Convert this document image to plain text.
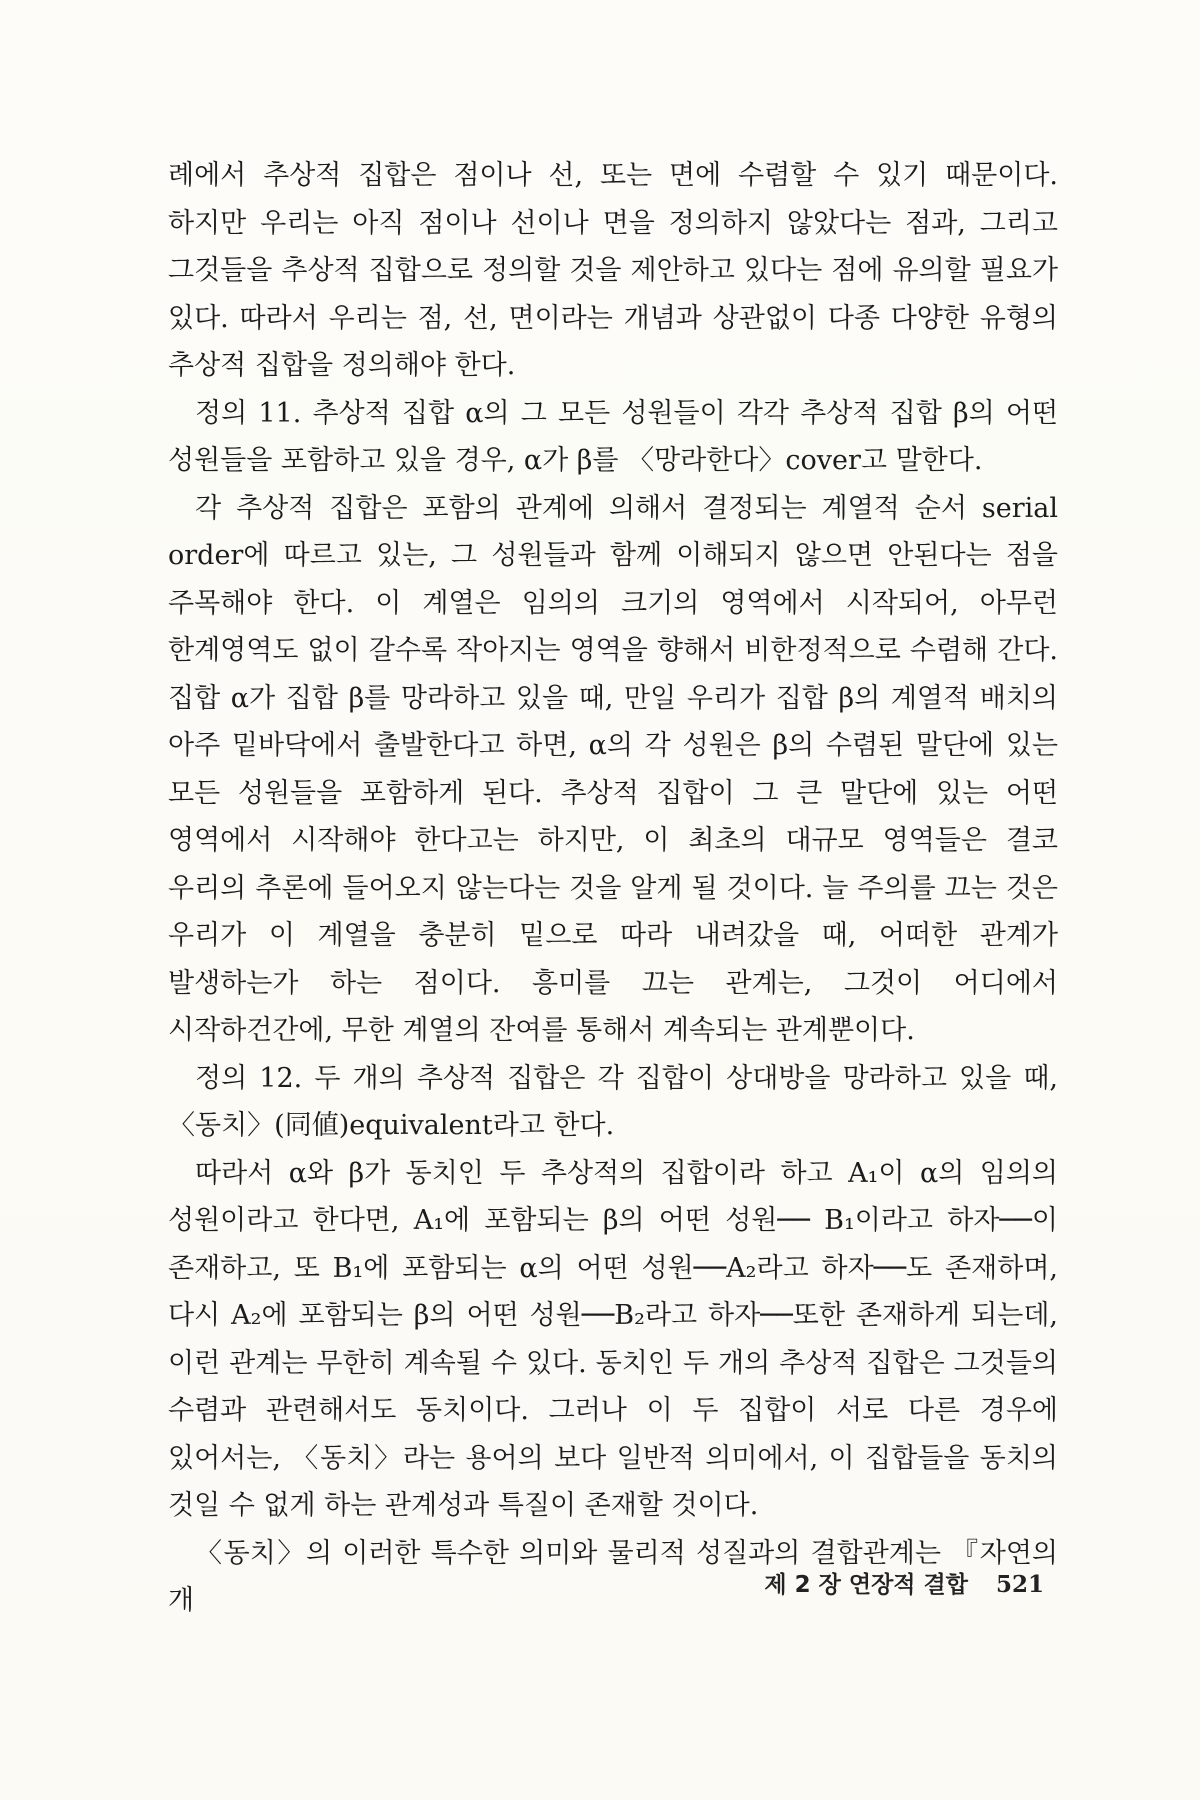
례에서 추상적 집합은 점이나 선, 또는 면에 수렴할 수 있기 때문이다. 하지만 우리는 아직 점이나 선이나 면을 정의하지 않았다는 점과, 그리고 그것들을 추상적 집합으로 정의할 것을 제안하고 있다는 점에 유의할 필요가 있다. 따라서 우리는 점, 선, 면이라는 개념과 상관없이 다종 다양한 유형의 추상적 집합을 정의해야 한다.

정의 11. 추상적 집합 α의 그 모든 성원들이 각각 추상적 집합 β의 어떤 성원들을 포함하고 있을 경우, α가 β를 〈망라한다〉cover고 말한다.

각 추상적 집합은 포함의 관계에 의해서 결정되는 계열적 순서 serial order에 따르고 있는, 그 성원들과 함께 이해되지 않으면 안된다는 점을 주목해야 한다. 이 계열은 임의의 크기의 영역에서 시작되어, 아무런 한계영역도 없이 갈수록 작아지는 영역을 향해서 비한정적으로 수렴해 간다. 집합 α가 집합 β를 망라하고 있을 때, 만일 우리가 집합 β의 계열적 배치의 아주 밑바닥에서 출발한다고 하면, α의 각 성원은 β의 수렴된 말단에 있는 모든 성원들을 포함하게 된다. 추상적 집합이 그 큰 말단에 있는 어떤 영역에서 시작해야 한다고는 하지만, 이 최초의 대규모 영역들은 결코 우리의 추론에 들어오지 않는다는 것을 알게 될 것이다. 늘 주의를 끄는 것은 우리가 이 계열을 충분히 밑으로 따라 내려갔을 때, 어떠한 관계가 발생하는가 하는 점이다. 흥미를 끄는 관계는, 그것이 어디에서 시작하건간에, 무한 계열의 잔여를 통해서 계속되는 관계뿐이다.

정의 12. 두 개의 추상적 집합은 각 집합이 상대방을 망라하고 있을 때, 〈동치〉(同値)equivalent라고 한다.

따라서 α와 β가 동치인 두 추상적의 집합이라 하고 A₁이 α의 임의의 성원이라고 한다면, A₁에 포함되는 β의 어떤 성원── B₁이라고 하자──이 존재하고, 또 B₁에 포함되는 α의 어떤 성원──A₂라고 하자──도 존재하며, 다시 A₂에 포함되는 β의 어떤 성원──B₂라고 하자──또한 존재하게 되는데, 이런 관계는 무한히 계속될 수 있다. 동치인 두 개의 추상적 집합은 그것들의 수렴과 관련해서도 동치이다. 그러나 이 두 집합이 서로 다른 경우에 있어서는, 〈동치〉라는 용어의 보다 일반적 의미에서, 이 집합들을 동치의 것일 수 없게 하는 관계성과 특질이 존재할 것이다.

〈동치〉의 이러한 특수한 의미와 물리적 성질과의 결합관계는 『자연의 개	제 2 장 연장적 결합 521
